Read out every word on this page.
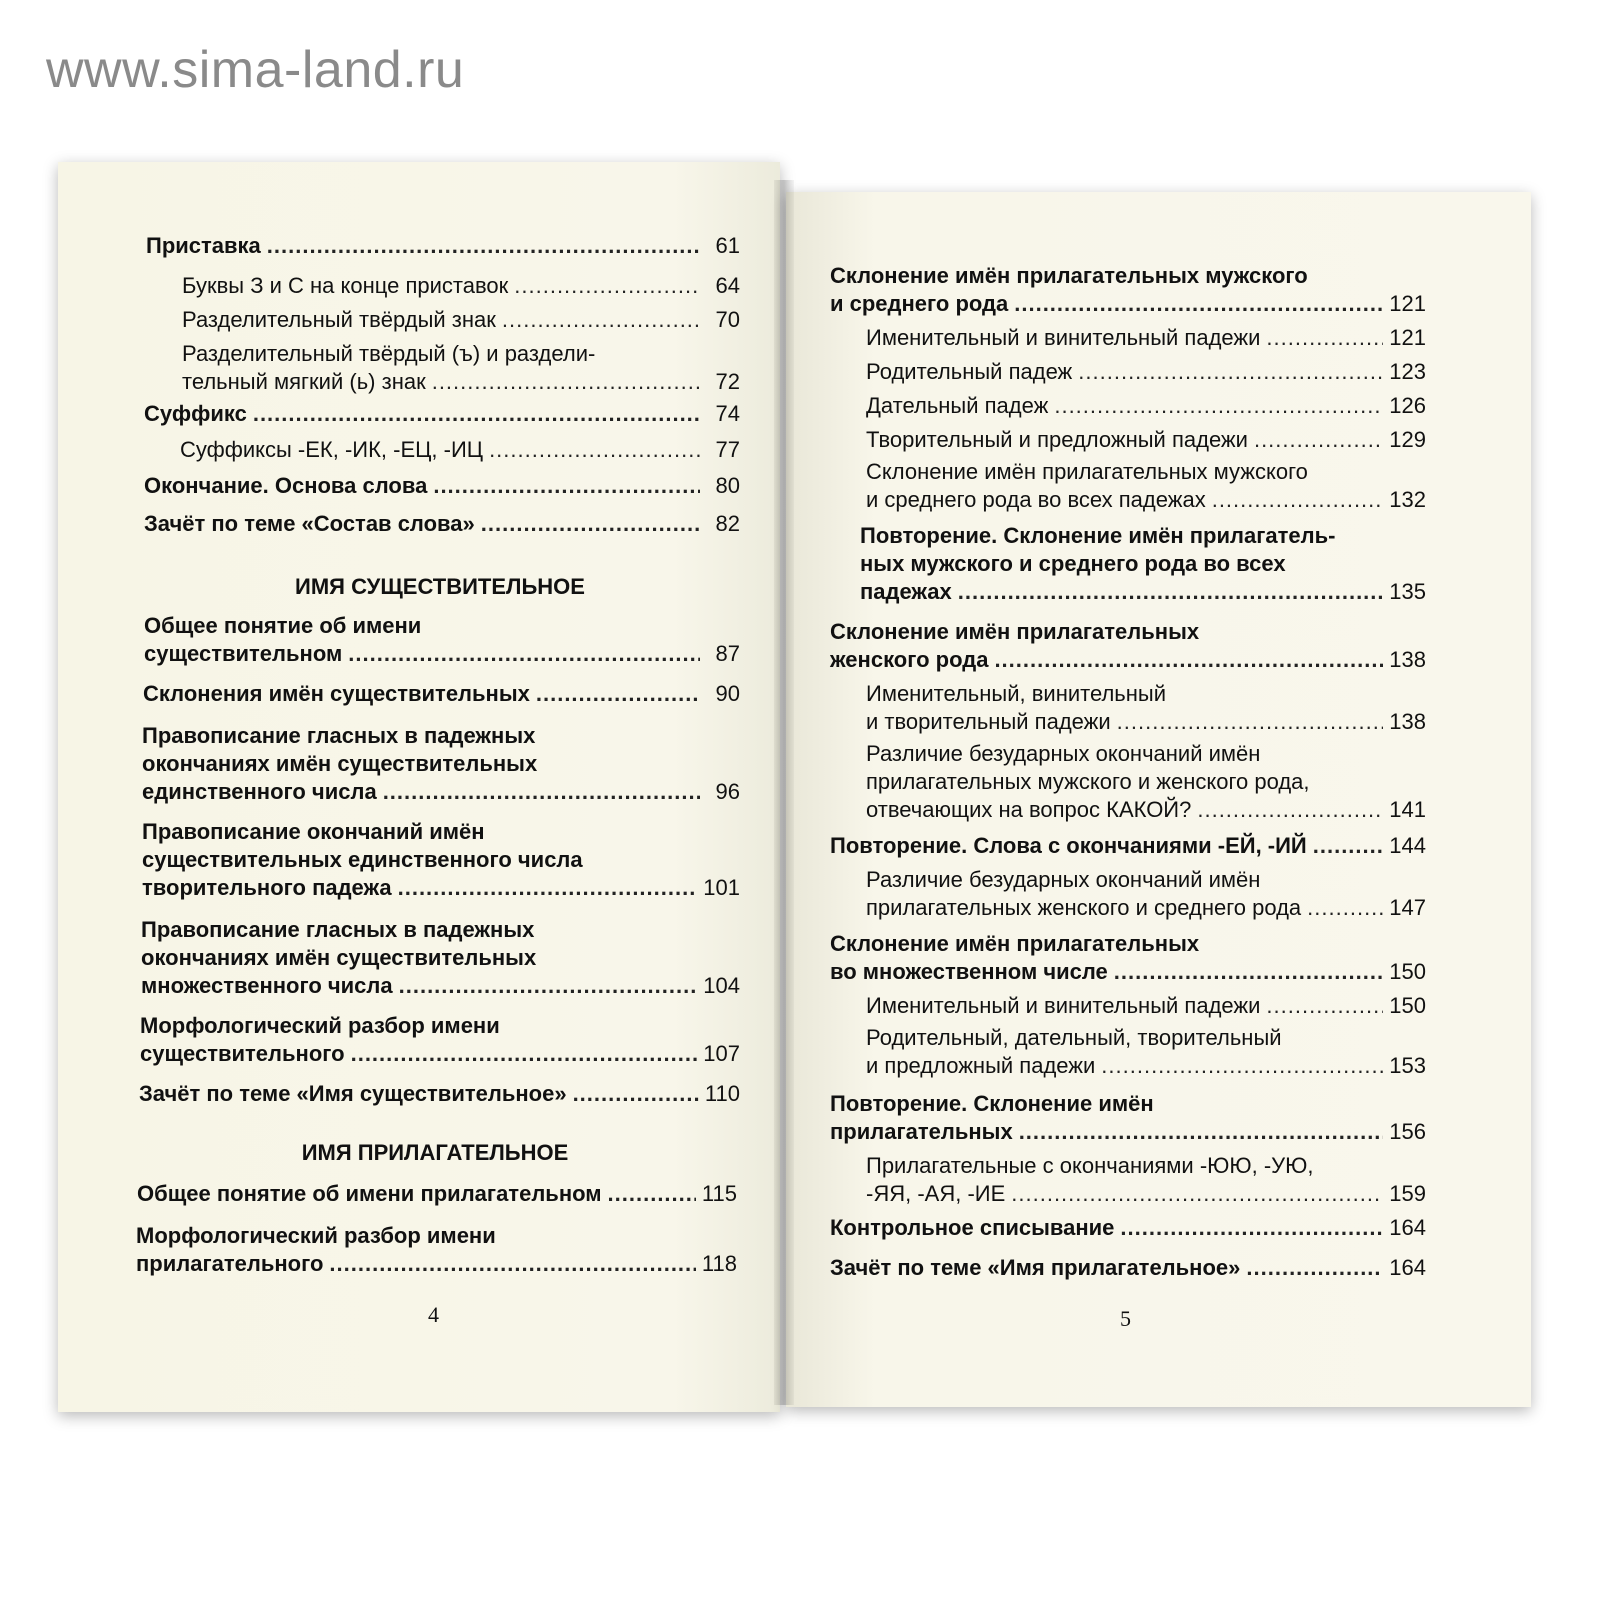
www.sima-land.ru
Приставка .....	61
Буквы З и С на конце приставок .....	64
Разделительный твёрдый знак .....	70
Разделительный твёрдый (ъ) и раздели-
тельный мягкий (ь) знак .....	72
Суффикс .....	74
Суффиксы -ЕК, -ИК, -ЕЦ, -ИЦ .....	77
Окончание. Основа слова .....	80
Зачёт по теме «Состав слова» .....	82
Общее понятие об имени
существительном .....	87
Склонения имён существительных .....	90
Правописание гласных в падежных
окончаниях имён существительных
единственного числа .....	96
Правописание окончаний имён
существительных единственного числа
творительного падежа .....	101
Правописание гласных в падежных
окончаниях имён существительных
множественного числа .....	104
Морфологический разбор имени
существительного .....	107
Зачёт по теме «Имя существительное» .....	110
Общее понятие об имени прилагательном .....	115
Морфологический разбор имени
прилагательного .....	118
Склонение имён прилагательных мужского
и среднего рода .....	121
Именительный и винительный падежи .....	121
Родительный падеж .....	123
Дательный падеж .....	126
Творительный и предложный падежи .....	129
Склонение имён прилагательных мужского
и среднего рода во всех падежах .....	132
Повторение. Склонение имён прилагатель-
ных мужского и среднего рода во всех
падежах .....	135
Склонение имён прилагательных
женского рода .....	138
Именительный, винительный
и творительный падежи .....	138
Различие безударных окончаний имён
прилагательных мужского и женского рода,
отвечающих на вопрос КАКОЙ? .....	141
Повторение. Слова с окончаниями -ЕЙ, -ИЙ .....	144
Различие безударных окончаний имён
прилагательных женского и среднего рода .....	147
Склонение имён прилагательных
во множественном числе .....	150
Именительный и винительный падежи .....	150
Родительный, дательный, творительный
и предложный падежи .....	153
Повторение. Склонение имён
прилагательных .....	156
Прилагательные с окончаниями -ЮЮ, -УЮ,
-ЯЯ, -АЯ, -ИЕ .....	159
Контрольное списывание .....	164
Зачёт по теме «Имя прилагательное» .....	164
ИМЯ СУЩЕСТВИТЕЛЬНОЕ
ИМЯ ПРИЛАГАТЕЛЬНОЕ
4	5
